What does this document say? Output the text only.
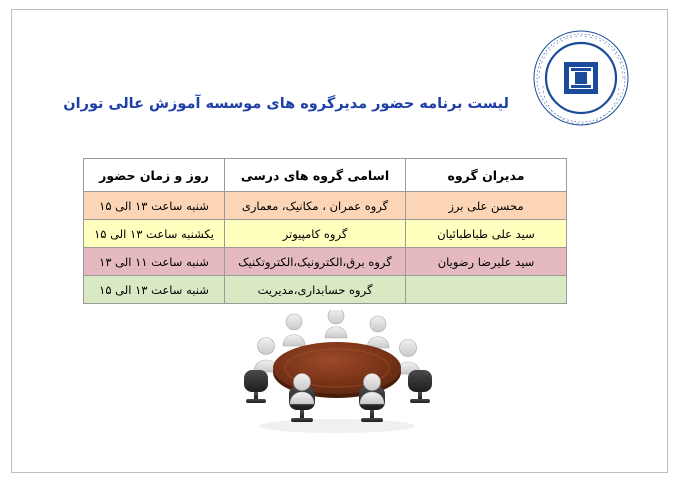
لیست برنامه حضور مدیرگروه های موسسه آموزش عالی توران
مدیران گروه	اسامی گروه های درسی	روز و زمان حضور
محسن علی برز	گروه عمران ، مکانیک، معماری	شنبه ساعت ۱۳ الی ۱۵
سید علی طباطبائیان	گروه کامپیوتر	یکشنبه ساعت ۱۳ الی ۱۵
سید علیرضا رضویان	گروه برق،الکترونیک،الکتروتکنیک	شنبه ساعت ۱۱ الی ۱۳
	گروه حسابداری،مدیریت	شنبه ساعت ۱۳ الی ۱۵
